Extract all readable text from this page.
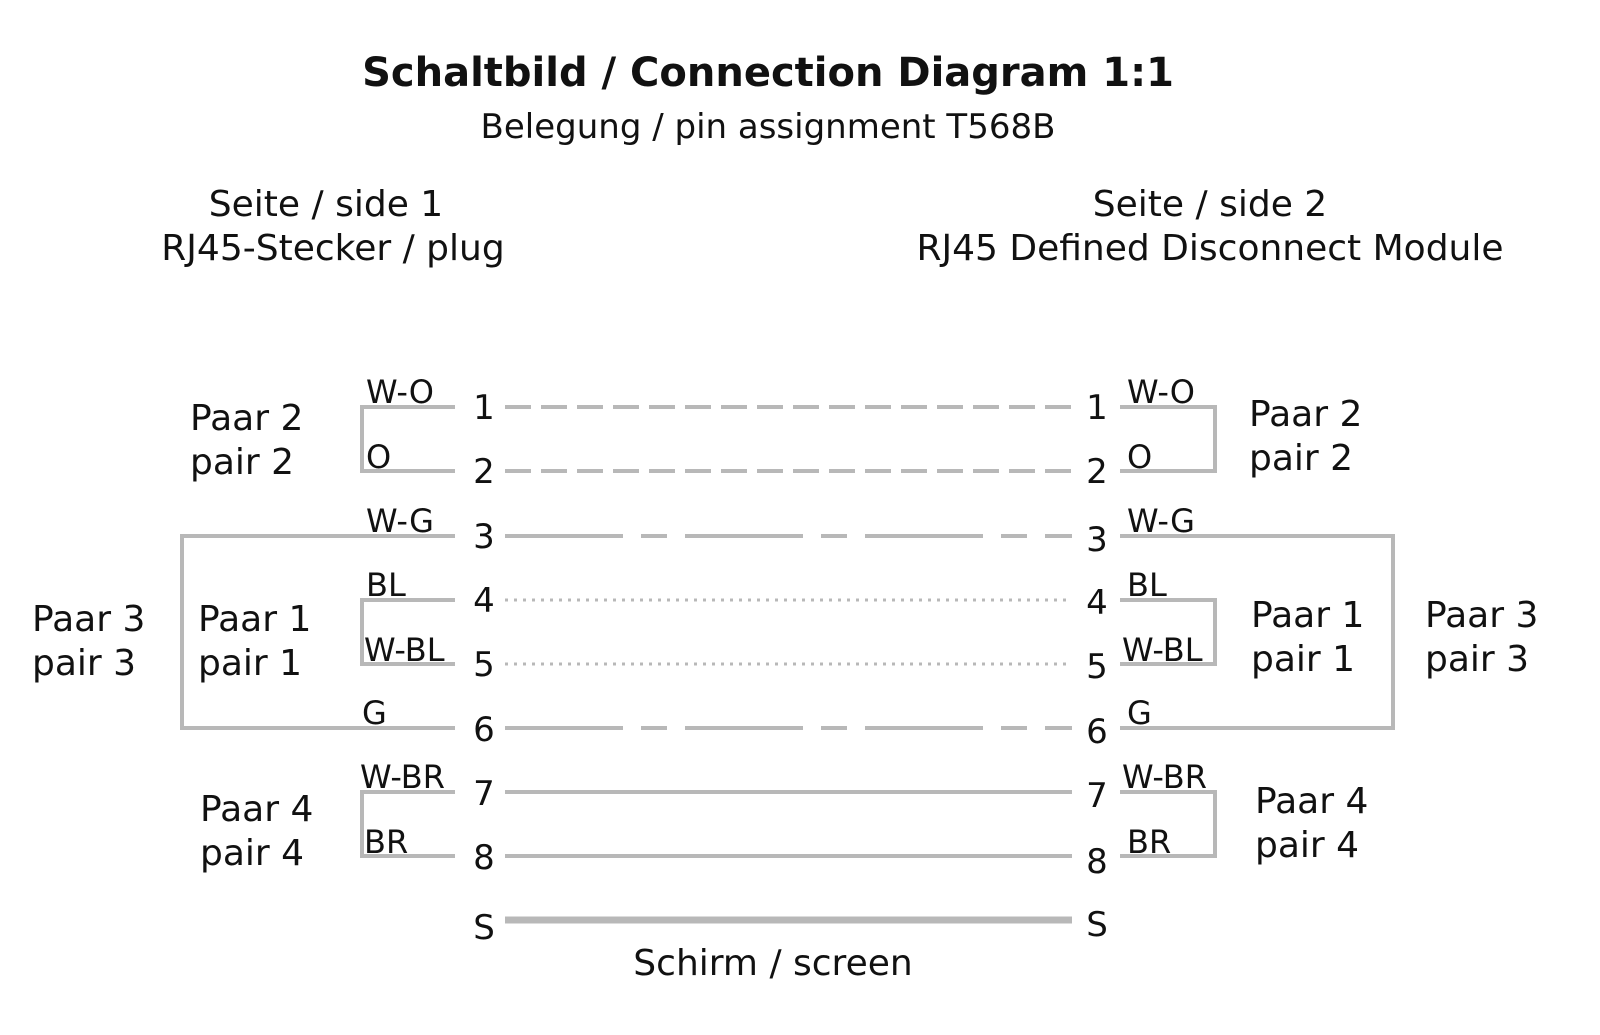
Schaltbild / Connection Diagram 1:1
Belegung / pin assignment T568B
Seite / side 1
RJ45-Stecker / plug
Seite / side 2
RJ45 Defined Disconnect Module
1
2
3
4
5
6
7
8
S
1
2
3
4
5
6
7
8
S
W-O
O
W-G
BL
W-BL
G
W-BR
BR
W-O
O
W-G
BL
W-BL
G
W-BR
BR
Paar 2
pair 2
Paar 1
pair 1
Paar 3
pair 3
Paar 4
pair 4
Paar 2
pair 2
Paar 1
pair 1
Paar 3
pair 3
Paar 4
pair 4
Schirm / screen
